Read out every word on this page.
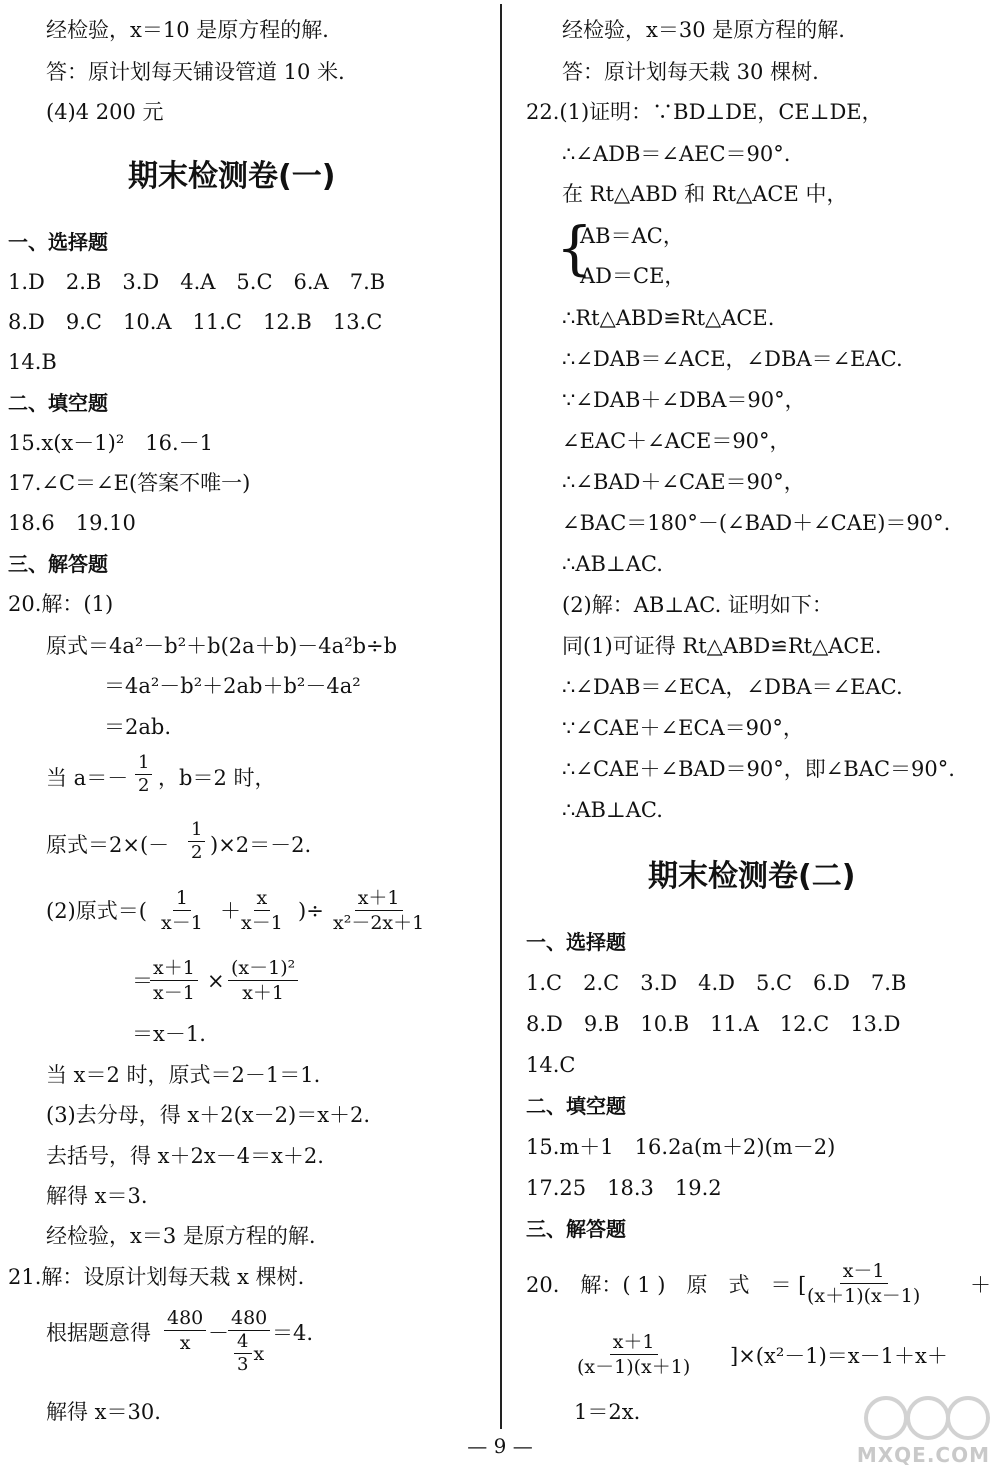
经检验，x＝10 是原方程的解．
答：原计划每天铺设管道 10 米．
(4)4 200 元
期末检测卷(一)
一、选择题
1.D　2.B　3.D　4.A　5.C　6.A　7.B
8.D　9.C　10.A　11.C　12.B　13.C
14.B
二、填空题
15.x(x－1)²　16.－1
17.∠C＝∠E(答案不唯一)
18.6　19.10
三、解答题
20.解：(1)
原式＝4a²－b²＋b(2a＋b)－4a²b÷b
＝4a²－b²＋2ab＋b²－4a²
＝2ab.
当 $a=- \frac{1}{2}$ ，b＝2 时，
原式$=2\times(- \frac{1}{2} )\times 2=-2$.
(2)原式＝( $\frac{1}{x-1}$ ＋
$\frac{x}{x-1}$ )÷ $\frac{x+1}{\text{x²－2x＋1}}$
＝
$\frac{x+1}{x-1} \times \frac{\text{(x－1)²}}{x+1}$
＝x－1.
当 x＝2 时，原式＝2－1＝1.
(3)去分母，得 x＋2(x－2)＝x＋2.
去括号，得 x＋2x－4＝x＋2.
解得 x＝3.
经检验，x＝3 是原方程的解.
21.解：设原计划每天栽 x 棵树.
根据题意得 $\frac{480}{x} - \frac{480}{\frac{4}{3} x} =4$.
解得 x＝30.
经检验，x＝30 是原方程的解.
答：原计划每天栽 30 棵树.
22.(1)证明：∵BD⊥DE，CE⊥DE，
∴∠ADB＝∠AEC＝90°.
在 Rt△ABD 和 Rt△ACE 中，
{
AB＝AC，
AD＝CE，
∴Rt△ABD≌Rt△ACE.
∴∠DAB＝∠ACE，∠DBA＝∠EAC.
∵∠DAB＋∠DBA＝90°，
∠EAC＋∠ACE＝90°，
∴∠BAD＋∠CAE＝90°，
∠BAC＝180°－(∠BAD＋∠CAE)＝90°.
∴AB⊥AC.
(2)解：AB⊥AC. 证明如下：
同(1)可证得 Rt△ABD≌Rt△ACE.
∴∠DAB＝∠ECA，∠DBA＝∠EAC.
∵∠CAE＋∠ECA＝90°，
∴∠CAE＋∠BAD＝90°，即∠BAC＝90°.
∴AB⊥AC.
期末检测卷(二)
一、选择题
1.C　2.C　3.D　4.D　5.C　6.D　7.B
8.D　9.B　10.B　11.A　12.C　13.D
14.C
二、填空题
15.m＋1　16.2a(m＋2)(m－2)
17.25　18.3　19.2
三、解答题
20.　解：( 1 )　原　式　＝ [
$\frac{x-1}{(x+1)(x-1)}$ ＋
$\frac{x+1}{(x-1)(x+1)} ]\times(x^2-1)=x-1+x+$
1＝2x.
— 9 —	MXQE.COM
